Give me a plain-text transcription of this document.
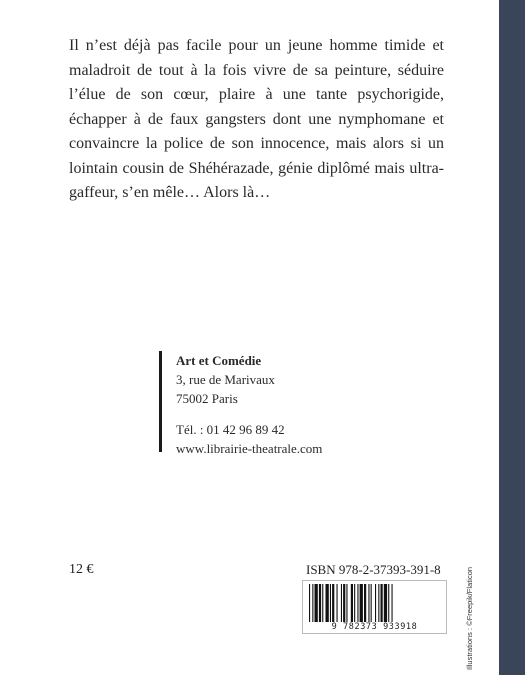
Il n’est déjà pas facile pour un jeune homme timide et maladroit de tout à la fois vivre de sa peinture, séduire l’élue de son cœur, plaire à une tante psychorigide, échapper à de faux gangsters dont une nymphomane et convaincre la police de son innocence, mais alors si un lointain cousin de Shéhérazade, génie diplômé mais ultra-gaffeur, s’en mêle… Alors là…

Art et Comédie
3, rue de Marivaux
75002 Paris
Tél. : 01 42 96 89 42
www.librairie-theatrale.com
12 €	ISBN 978-2-37393-391-8
9 782373 933918	Illustrations : ©Freepik/Flaticon
